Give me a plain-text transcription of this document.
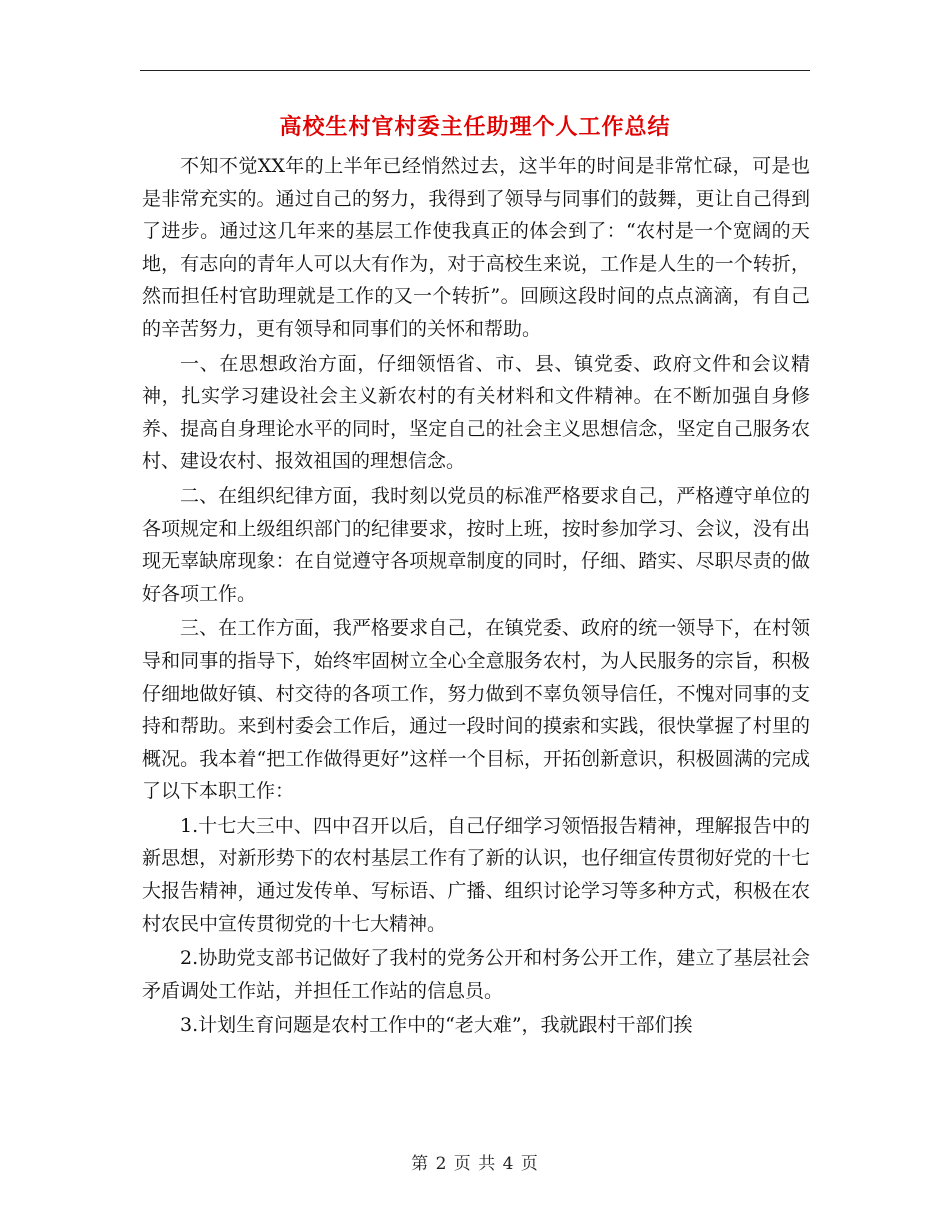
高校生村官村委主任助理个人工作总结

不知不觉XX年的上半年已经悄然过去，这半年的时间是非常忙碌，可是也是非常充实的。通过自己的努力，我得到了领导与同事们的鼓舞，更让自己得到了进步。通过这几年来的基层工作使我真正的体会到了：“农村是一个宽阔的天地，有志向的青年人可以大有作为，对于高校生来说，工作是人生的一个转折，然而担任村官助理就是工作的又一个转折”。回顾这段时间的点点滴滴，有自己的辛苦努力，更有领导和同事们的关怀和帮助。

一、在思想政治方面，仔细领悟省、市、县、镇党委、政府文件和会议精神，扎实学习建设社会主义新农村的有关材料和文件精神。在不断加强自身修养、提高自身理论水平的同时，坚定自己的社会主义思想信念，坚定自己服务农村、建设农村、报效祖国的理想信念。

二、在组织纪律方面，我时刻以党员的标准严格要求自己，严格遵守单位的各项规定和上级组织部门的纪律要求，按时上班，按时参加学习、会议，没有出现无辜缺席现象：在自觉遵守各项规章制度的同时，仔细、踏实、尽职尽责的做好各项工作。

三、在工作方面，我严格要求自己，在镇党委、政府的统一领导下，在村领导和同事的指导下，始终牢固树立全心全意服务农村，为人民服务的宗旨，积极仔细地做好镇、村交待的各项工作，努力做到不辜负领导信任，不愧对同事的支持和帮助。来到村委会工作后，通过一段时间的摸索和实践，很快掌握了村里的概况。我本着“把工作做得更好”这样一个目标，开拓创新意识，积极圆满的完成了以下本职工作：

1.十七大三中、四中召开以后，自己仔细学习领悟报告精神，理解报告中的新思想，对新形势下的农村基层工作有了新的认识，也仔细宣传贯彻好党的十七大报告精神，通过发传单、写标语、广播、组织讨论学习等多种方式，积极在农村农民中宣传贯彻党的十七大精神。

2.协助党支部书记做好了我村的党务公开和村务公开工作，建立了基层社会矛盾调处工作站，并担任工作站的信息员。

3.计划生育问题是农村工作中的“老大难”，我就跟村干部们挨

第 2 页 共 4 页
